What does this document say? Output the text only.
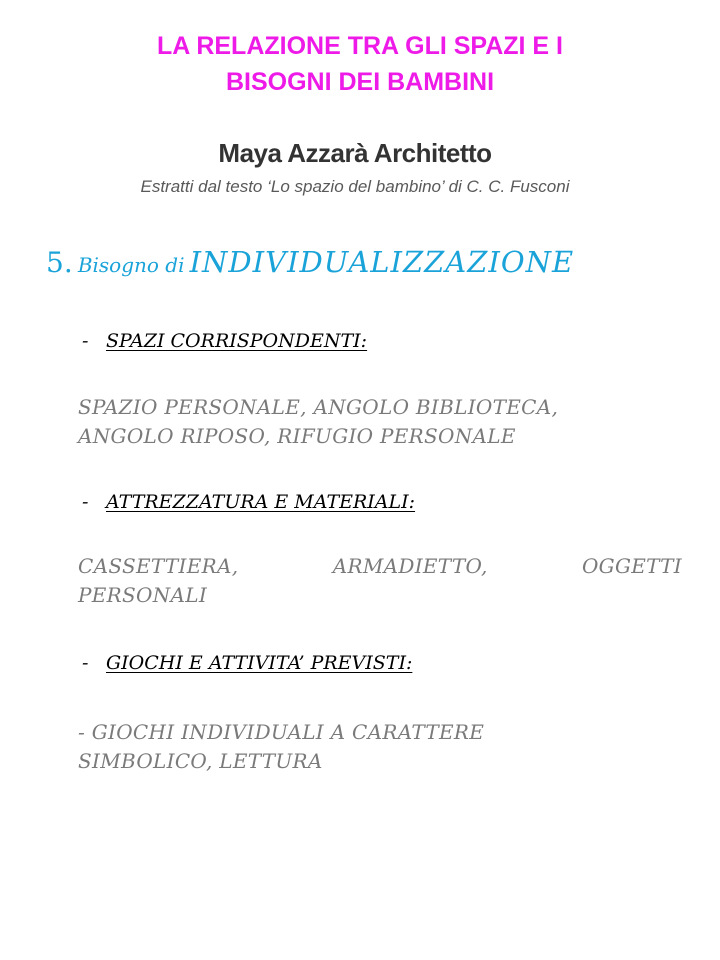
LA RELAZIONE TRA GLI SPAZI E I
BISOGNI DEI BAMBINI
Maya Azzarà Architetto
Estratti dal testo ‘Lo spazio del bambino’ di C. C. Fusconi
5. Bisogno di INDIVIDUALIZZAZIONE
- SPAZI CORRISPONDENTI:
SPAZIO PERSONALE, ANGOLO BIBLIOTECA,
ANGOLO RIPOSO, RIFUGIO PERSONALE
- ATTREZZATURA E MATERIALI:
CASSETTIERA,	ARMADIETTO,	OGGETTI
PERSONALI
- GIOCHI E ATTIVITA’ PREVISTI:
- GIOCHI INDIVIDUALI A CARATTERE
SIMBOLICO, LETTURA
